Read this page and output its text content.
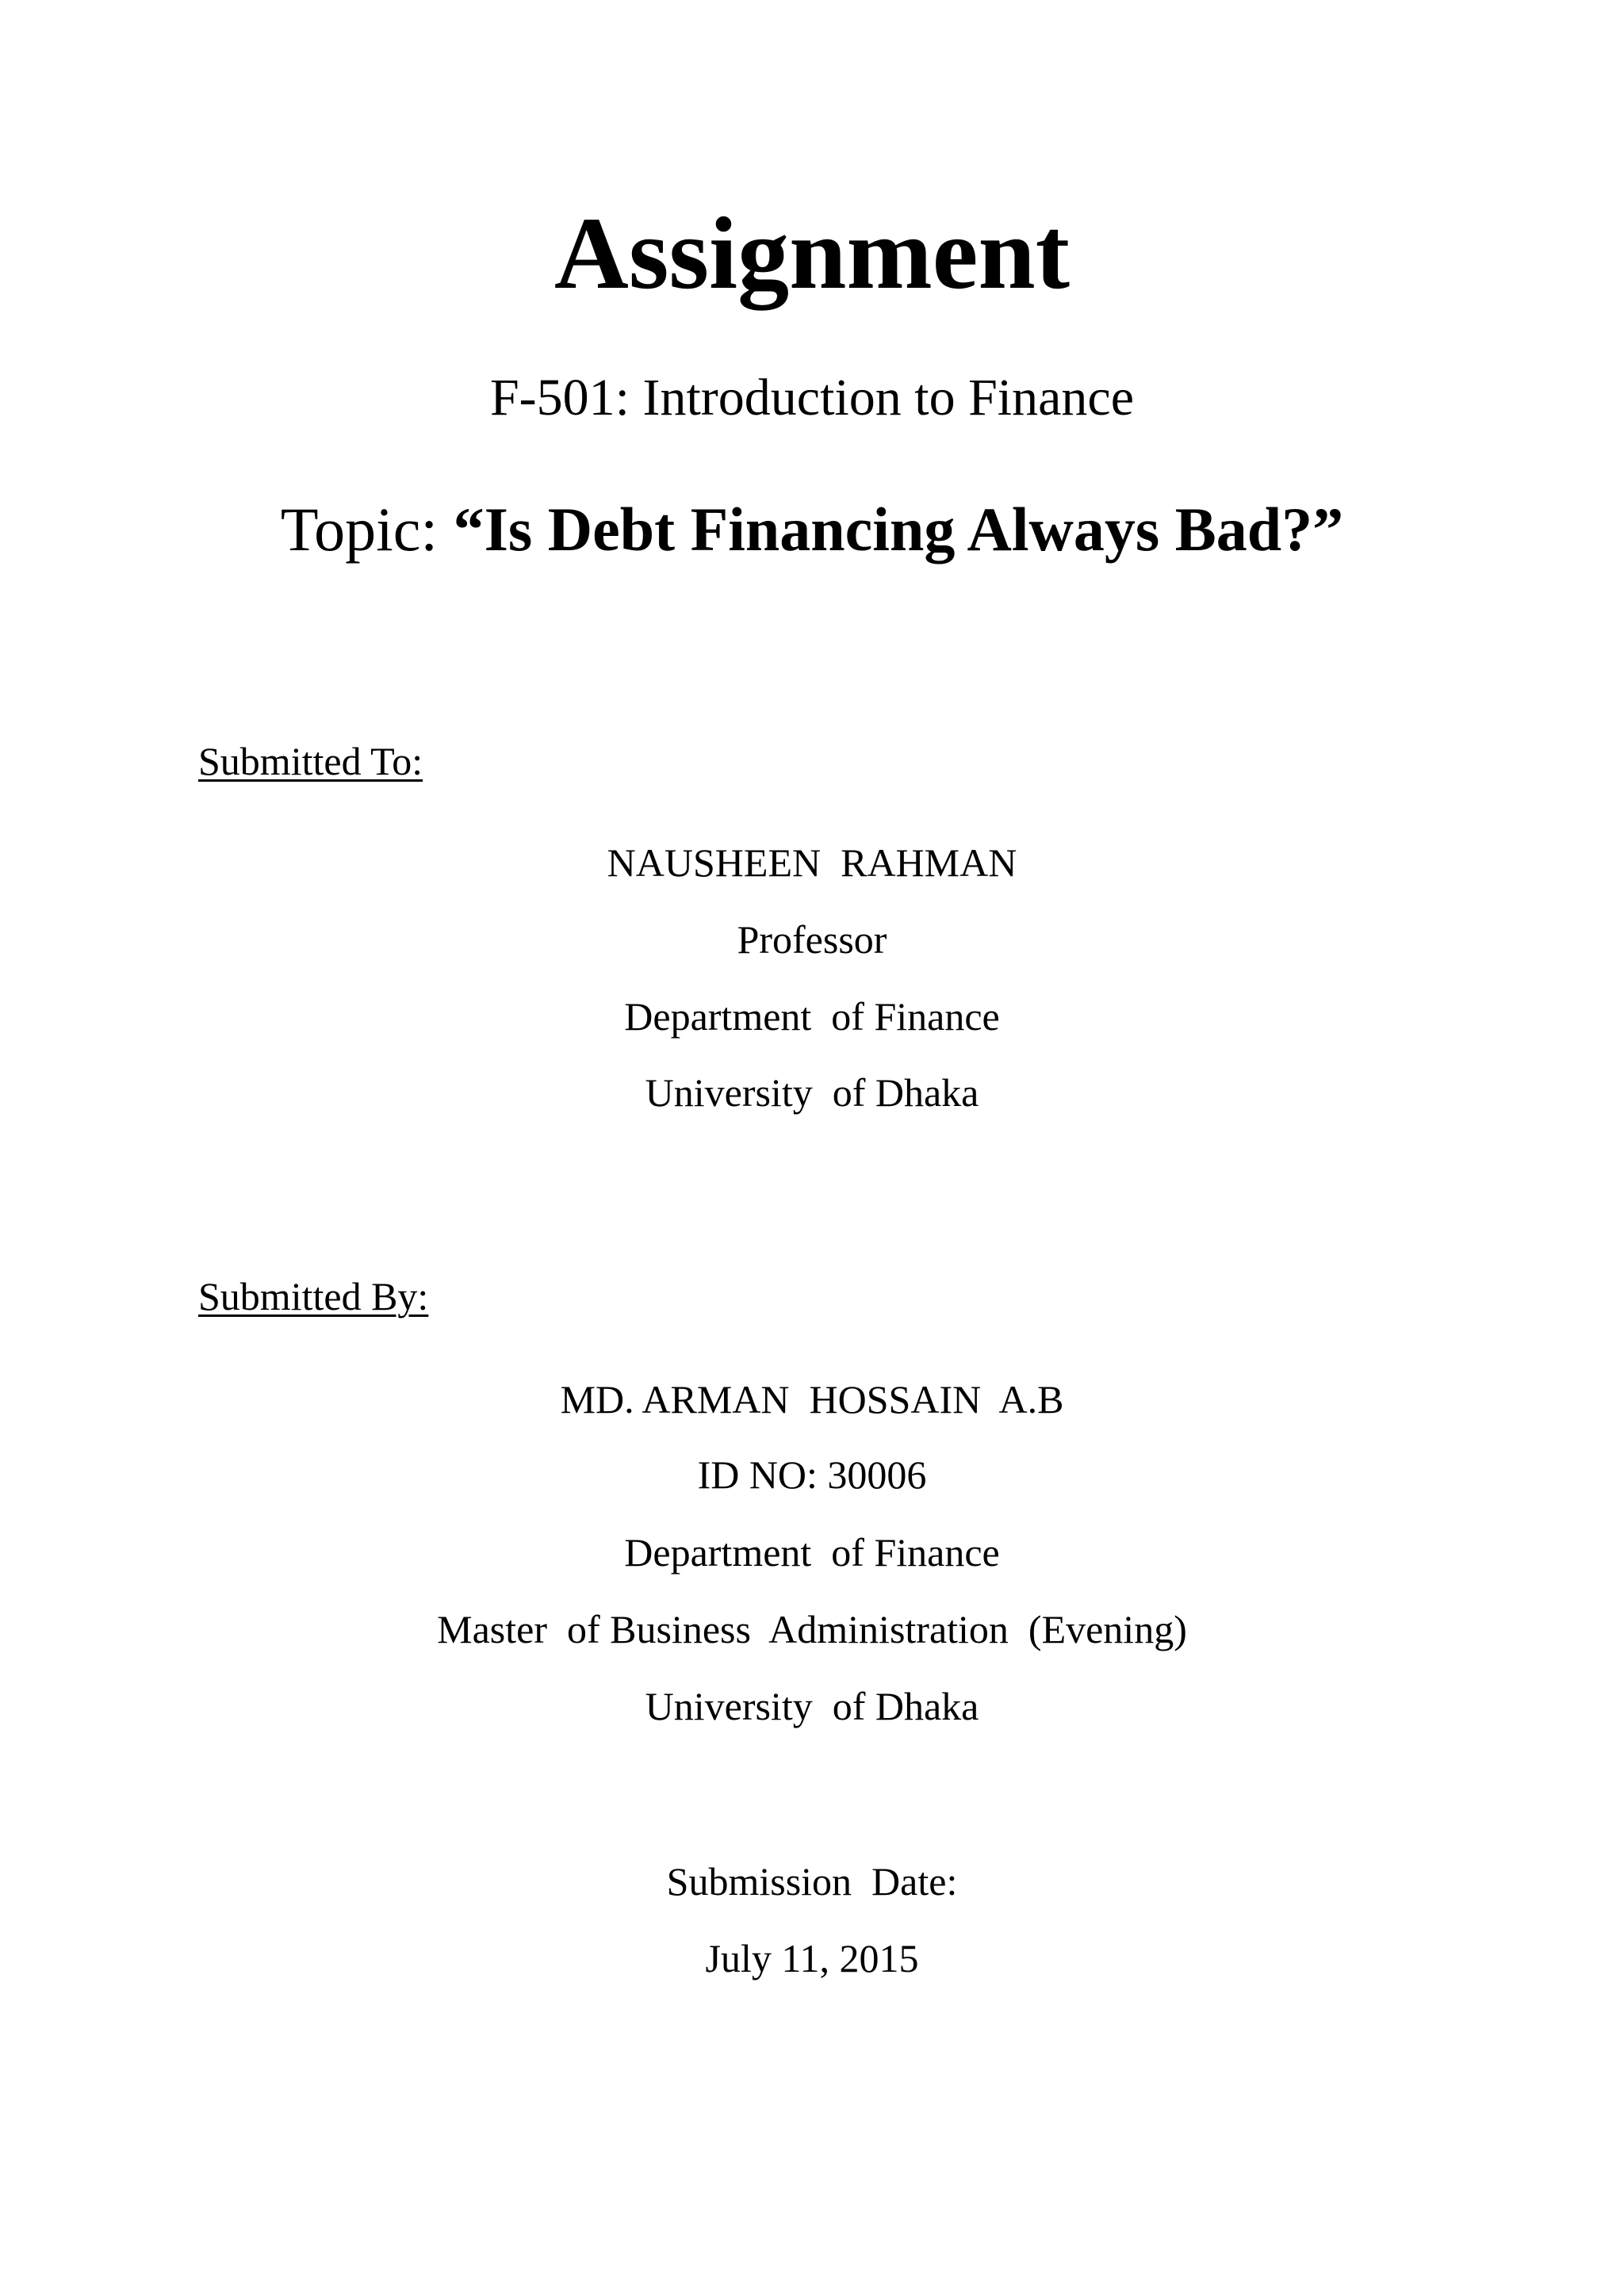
Assignment
F-501: Introduction to Finance
Topic: “Is Debt Financing Always Bad?”
Submitted To:
NAUSHEEN  RAHMAN
Professor
Department  of Finance
University  of Dhaka
Submitted By:
MD. ARMAN  HOSSAIN  A.B
ID NO: 30006
Department  of Finance
Master  of Business  Administration  (Evening)
University  of Dhaka
Submission  Date:
July 11, 2015
